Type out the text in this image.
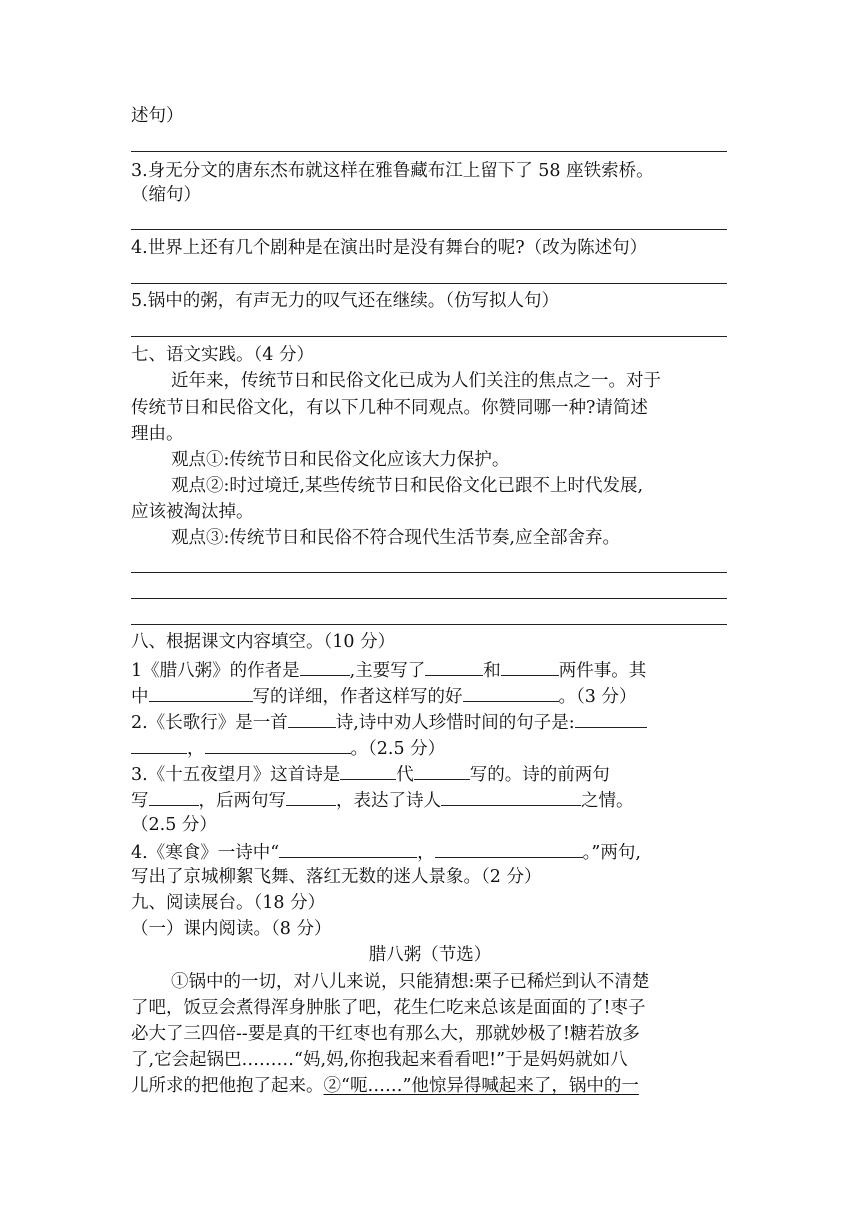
述句）
3.身无分文的唐东杰布就这样在雅鲁藏布江上留下了 58 座铁索桥。
（缩句）
4.世界上还有几个剧种是在演出时是没有舞台的呢?（改为陈述句）
5.锅中的粥，有声无力的叹气还在继续。（仿写拟人句）
七、语文实践。（4 分）
近年来，传统节日和民俗文化已成为人们关注的焦点之一。对于
传统节日和民俗文化，有以下几种不同观点。你赞同哪一种?请简述
理由。
观点①:传统节日和民俗文化应该大力保护。
观点②:时过境迁,某些传统节日和民俗文化已跟不上时代发展,
应该被淘汰掉。
观点③:传统节日和民俗不符合现代生活节奏,应全部舍弃。
八、根据课文内容填空。（10 分）
1《腊八粥》的作者是	,主要写了	和	两件事。其
中	写的详细，作者这样写的好	。（3 分）
2.《长歌行》是一首	诗,诗中劝人珍惜时间的句子是:
，	。（2.5 分）
3.《十五夜望月》这首诗是	代	写的。诗的前两句
写	，后两句写	，表达了诗人	之情。
（2.5 分）
4.《寒食》一诗中“	，	。”两句,
写出了京城柳絮飞舞、落红无数的迷人景象。（2 分）
九、阅读展台。（18 分）
（一）课内阅读。（8 分）
腊八粥（节选）
①锅中的一切，对八儿来说，只能猜想:栗子已稀烂到认不清楚
了吧，饭豆会煮得浑身肿胀了吧，花生仁吃来总该是面面的了!枣子
必大了三四倍--要是真的干红枣也有那么大，那就妙极了!糖若放多
了,它会起锅巴………“妈,妈,你抱我起来看看吧!”于是妈妈就如八
儿所求的把他抱了起来。②“呃……”他惊异得喊起来了，锅中的一
